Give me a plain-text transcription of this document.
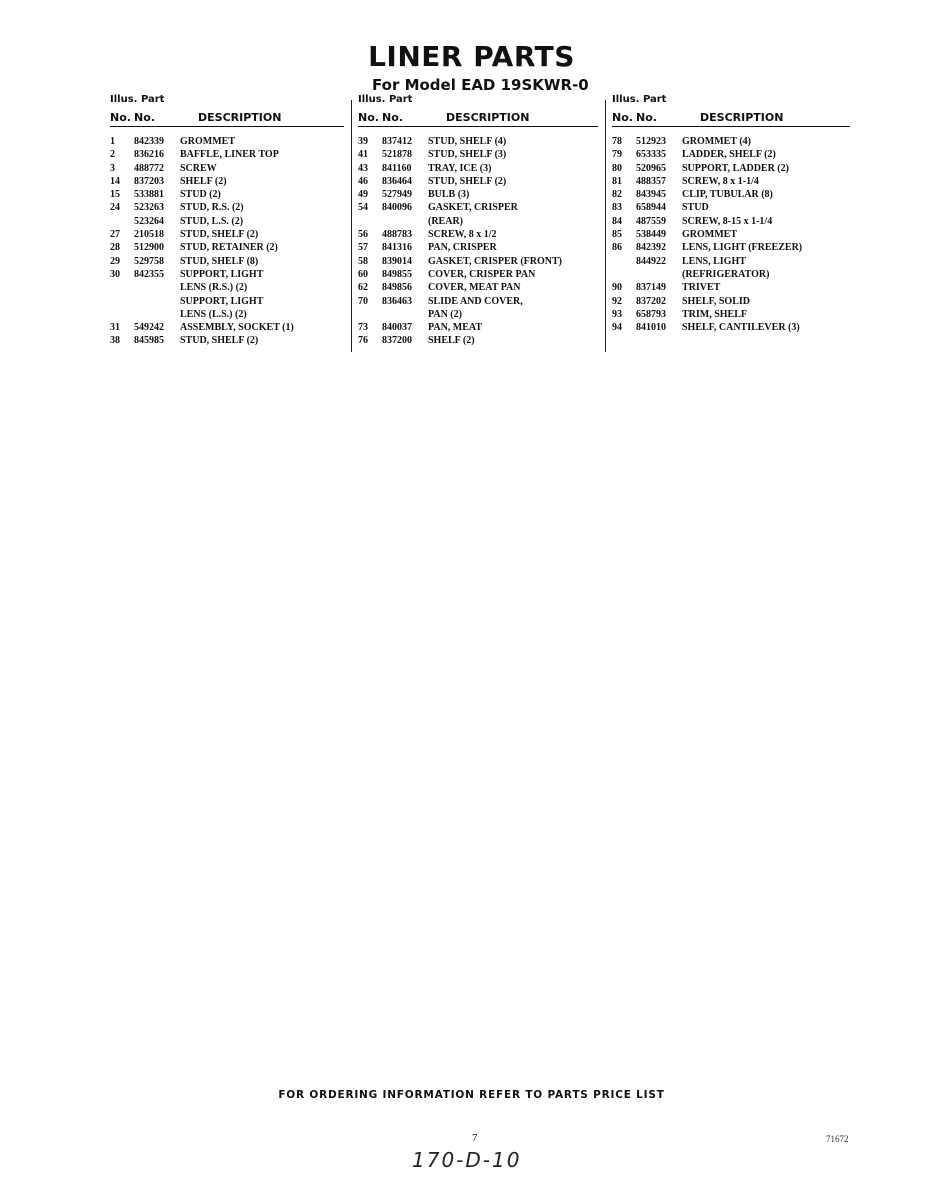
LINER PARTS
For Model EAD 19SKWR-0
Illus. Part
No. No.	DESCRIPTION
1	842339	GROMMET
2	836216	BAFFLE, LINER TOP
3	488772	SCREW
14	837203	SHELF (2)
15	533881	STUD (2)
24	523263	STUD, R.S. (2)
523264	STUD, L.S. (2)
27	210518	STUD, SHELF (2)
28	512900	STUD, RETAINER (2)
29	529758	STUD, SHELF (8)
30	842355	SUPPORT, LIGHT
LENS (R.S.) (2)
SUPPORT, LIGHT
LENS (L.S.) (2)
31	549242	ASSEMBLY, SOCKET (1)
38	845985	STUD, SHELF (2)
Illus. Part
No. No.	DESCRIPTION
39	837412	STUD, SHELF (4)
41	521878	STUD, SHELF (3)
43	841160	TRAY, ICE (3)
46	836464	STUD, SHELF (2)
49	527949	BULB (3)
54	840096	GASKET, CRISPER
(REAR)
56	488783	SCREW, 8 x 1/2
57	841316	PAN, CRISPER
58	839014	GASKET, CRISPER (FRONT)
60	849855	COVER, CRISPER PAN
62	849856	COVER, MEAT PAN
70	836463	SLIDE AND COVER,
PAN (2)
73	840037	PAN, MEAT
76	837200	SHELF (2)
Illus. Part
No. No.	DESCRIPTION
78	512923	GROMMET (4)
79	653335	LADDER, SHELF (2)
80	520965	SUPPORT, LADDER (2)
81	488357	SCREW, 8 x 1-1/4
82	843945	CLIP, TUBULAR (8)
83	658944	STUD
84	487559	SCREW, 8-15 x 1-1/4
85	538449	GROMMET
86	842392	LENS, LIGHT (FREEZER)
844922	LENS, LIGHT
(REFRIGERATOR)
90	837149	TRIVET
92	837202	SHELF, SOLID
93	658793	TRIM, SHELF
94	841010	SHELF, CANTILEVER (3)
FOR ORDERING INFORMATION REFER TO PARTS PRICE LIST
7	71672
170-D-10
